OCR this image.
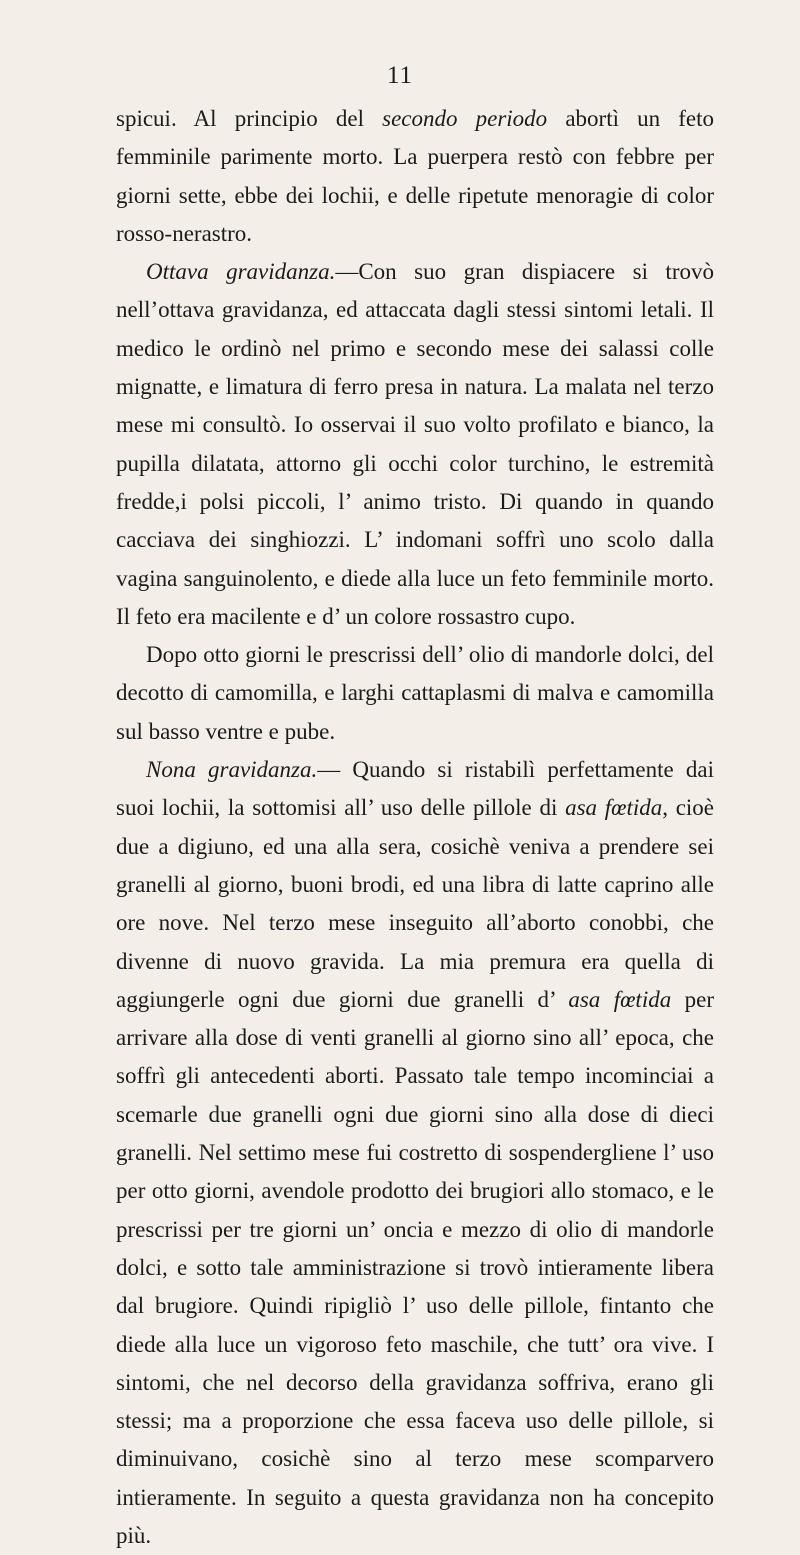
11

spicui. Al principio del secondo periodo abortì un feto femminile parimente morto. La puerpera restò con febbre per giorni sette, ebbe dei lochii, e delle ripetute menoragie di color rosso-nerastro.

Ottava gravidanza.—Con suo gran dispiacere si trovò nell’ottava gravidanza, ed attaccata dagli stessi sintomi letali. Il medico le ordinò nel primo e secondo mese dei salassi colle mignatte, e limatura di ferro presa in natura. La malata nel terzo mese mi consultò. Io osservai il suo volto profilato e bianco, la pupilla dilatata, attorno gli occhi color turchino, le estremità fredde,i polsi piccoli, l’ animo tristo. Di quando in quando cacciava dei singhiozzi. L’ indomani soffrì uno scolo dalla vagina sanguinolento, e diede alla luce un feto femminile morto. Il feto era macilente e d’ un colore rossastro cupo.

Dopo otto giorni le prescrissi dell’ olio di mandorle dolci, del decotto di camomilla, e larghi cattaplasmi di malva e camomilla sul basso ventre e pube.

Nona gravidanza.— Quando si ristabilì perfettamente dai suoi lochii, la sottomisi all’ uso delle pillole di asa fœtida, cioè due a digiuno, ed una alla sera, cosichè veniva a prendere sei granelli al giorno, buoni brodi, ed una libra di latte caprino alle ore nove. Nel terzo mese inseguito all’aborto conobbi, che divenne di nuovo gravida. La mia premura era quella di aggiungerle ogni due giorni due granelli d’ asa fœtida per arrivare alla dose di venti granelli al giorno sino all’ epoca, che soffrì gli antecedenti aborti. Passato tale tempo incominciai a scemarle due granelli ogni due giorni sino alla dose di dieci granelli. Nel settimo mese fui costretto di sospendergliene l’ uso per otto giorni, avendole prodotto dei brugiori allo stomaco, e le prescrissi per tre giorni un’ oncia e mezzo di olio di mandorle dolci, e sotto tale amministrazione si trovò intieramente libera dal brugiore. Quindi ripigliò l’ uso delle pillole, fintanto che diede alla luce un vigoroso feto maschile, che tutt’ ora vive. I sintomi, che nel decorso della gravidanza soffriva, erano gli stessi; ma a proporzione che essa faceva uso delle pillole, si diminuivano, cosichè sino al terzo mese scomparvero intieramente. In seguito a questa gravidanza non ha concepito più.
